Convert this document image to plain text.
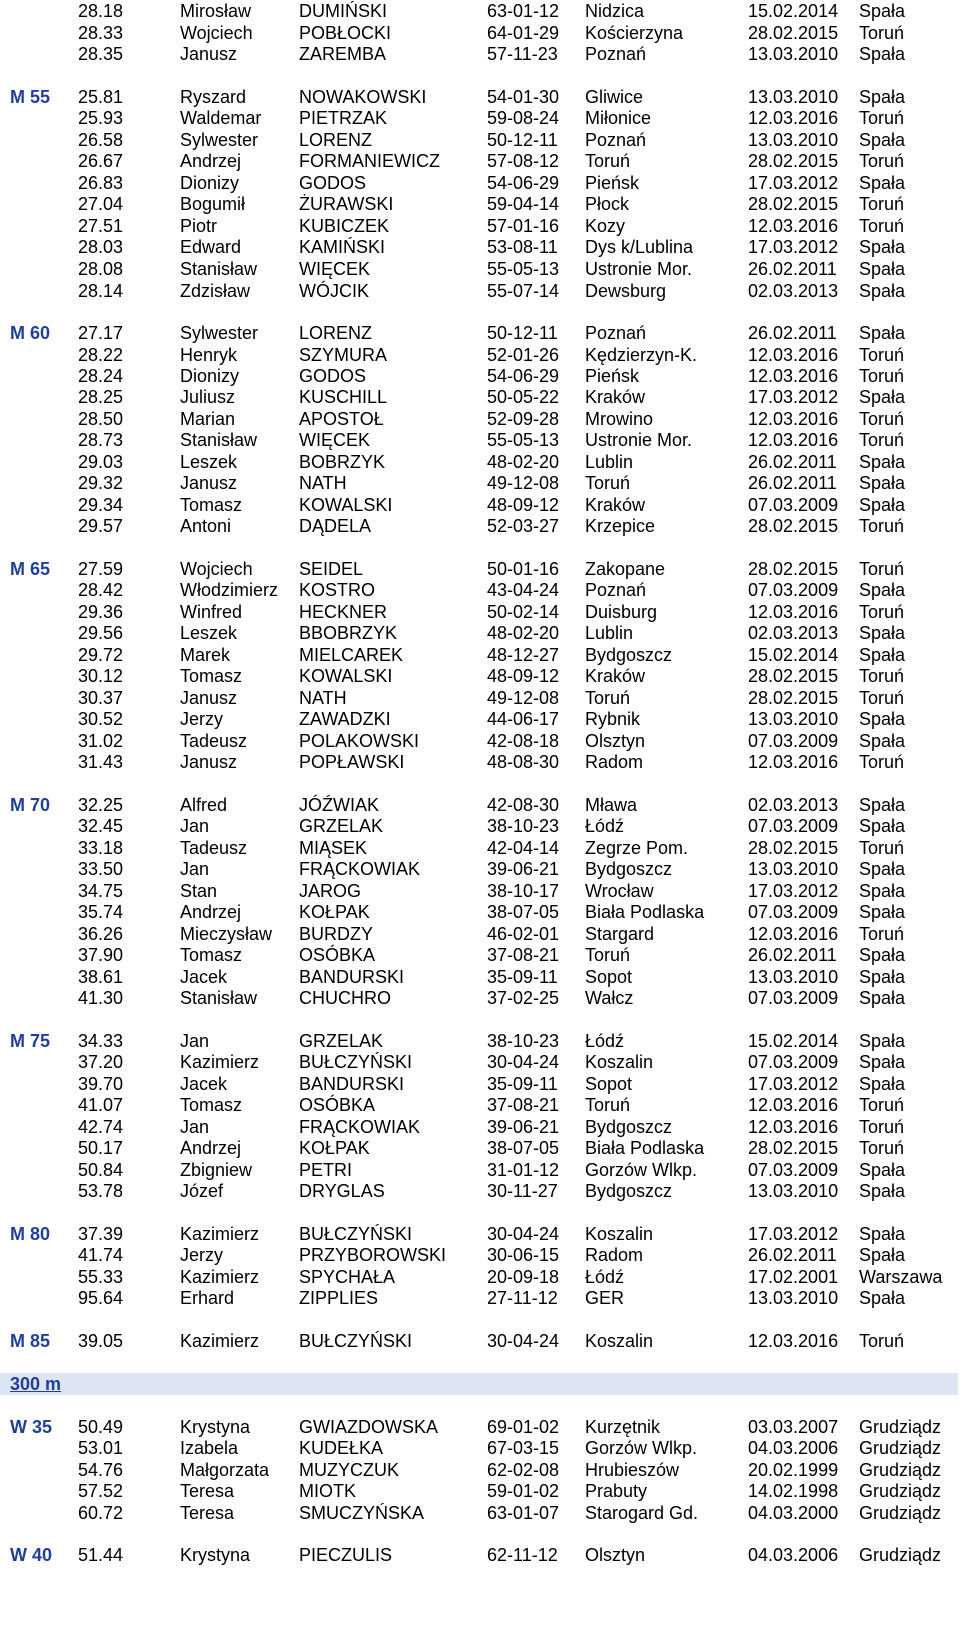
300 m
28.18	Mirosław	DUMIŃSKI	63-01-12 Nidzica	15.02.2014 Spała
28.33	Wojciech	POBŁOCKI	64-01-29 Kościerzyna	28.02.2015 Toruń
28.35	Janusz	ZAREMBA	57-11-23 Poznań	13.03.2010 Spała
M 55 25.81	Ryszard	NOWAKOWSKI	54-01-30 Gliwice	13.03.2010 Spała
25.93	Waldemar PIETRZAK	59-08-24 Miłonice	12.03.2016 Toruń
26.58	Sylwester LORENZ	50-12-11 Poznań	13.03.2010 Spała
26.67	Andrzej	FORMANIEWICZ	57-08-12 Toruń	28.02.2015 Toruń
26.83	Dionizy	GODOS	54-06-29 Pieńsk	17.03.2012 Spała
27.04	Bogumił	ŻURAWSKI	59-04-14 Płock	28.02.2015 Toruń
27.51	Piotr	KUBICZEK	57-01-16 Kozy	12.03.2016 Toruń
28.03	Edward	KAMIŃSKI	53-08-11 Dys k/Lublina	17.03.2012 Spała
28.08	Stanisław WIĘCEK	55-05-13 Ustronie Mor.	26.02.2011 Spała
28.14	Zdzisław	WÓJCIK	55-07-14 Dewsburg	02.03.2013 Spała
M 60 27.17	Sylwester LORENZ	50-12-11 Poznań	26.02.2011 Spała
28.22	Henryk	SZYMURA	52-01-26 Kędzierzyn-K.	12.03.2016 Toruń
28.24	Dionizy	GODOS	54-06-29 Pieńsk	12.03.2016 Toruń
28.25	Juliusz	KUSCHILL	50-05-22 Kraków	17.03.2012 Spała
28.50	Marian	APOSTOŁ	52-09-28 Mrowino	12.03.2016 Toruń
28.73	Stanisław WIĘCEK	55-05-13 Ustronie Mor.	12.03.2016 Toruń
29.03	Leszek	BOBRZYK	48-02-20 Lublin	26.02.2011 Spała
29.32	Janusz	NATH	49-12-08 Toruń	26.02.2011 Spała
29.34	Tomasz	KOWALSKI	48-09-12 Kraków	07.03.2009 Spała
29.57	Antoni	DĄDELA	52-03-27 Krzepice	28.02.2015 Toruń
M 65 27.59	Wojciech	SEIDEL	50-01-16 Zakopane	28.02.2015 Toruń
28.42	Włodzimierz KOSTRO	43-04-24 Poznań	07.03.2009 Spała
29.36	Winfred	HECKNER	50-02-14 Duisburg	12.03.2016 Toruń
29.56	Leszek	BBOBRZYK	48-02-20 Lublin	02.03.2013 Spała
29.72	Marek	MIELCAREK	48-12-27 Bydgoszcz	15.02.2014 Spała
30.12	Tomasz	KOWALSKI	48-09-12 Kraków	28.02.2015 Toruń
30.37	Janusz	NATH	49-12-08 Toruń	28.02.2015 Toruń
30.52	Jerzy	ZAWADZKI	44-06-17 Rybnik	13.03.2010 Spała
31.02	Tadeusz	POLAKOWSKI	42-08-18 Olsztyn	07.03.2009 Spała
31.43	Janusz	POPŁAWSKI	48-08-30 Radom	12.03.2016 Toruń
M 70 32.25	Alfred	JÓŹWIAK	42-08-30 Mława	02.03.2013 Spała
32.45	Jan	GRZELAK	38-10-23 Łódź	07.03.2009 Spała
33.18	Tadeusz	MIĄSEK	42-04-14 Zegrze Pom.	28.02.2015 Toruń
33.50	Jan	FRĄCKOWIAK	39-06-21 Bydgoszcz	13.03.2010 Spała
34.75	Stan	JAROG	38-10-17 Wrocław	17.03.2012 Spała
35.74	Andrzej	KOŁPAK	38-07-05 Biała Podlaska 07.03.2009 Spała
36.26	Mieczysław BURDZY	46-02-01 Stargard	12.03.2016 Toruń
37.90	Tomasz	OSÓBKA	37-08-21 Toruń	26.02.2011 Spała
38.61	Jacek	BANDURSKI	35-09-11 Sopot	13.03.2010 Spała
41.30	Stanisław CHUCHRO	37-02-25 Wałcz	07.03.2009 Spała
M 75 34.33	Jan	GRZELAK	38-10-23 Łódź	15.02.2014 Spała
37.20	Kazimierz BUŁCZYŃSKI	30-04-24 Koszalin	07.03.2009 Spała
39.70	Jacek	BANDURSKI	35-09-11 Sopot	17.03.2012 Spała
41.07	Tomasz	OSÓBKA	37-08-21 Toruń	12.03.2016 Toruń
42.74	Jan	FRĄCKOWIAK	39-06-21 Bydgoszcz	12.03.2016 Toruń
50.17	Andrzej	KOŁPAK	38-07-05 Biała Podlaska 28.02.2015 Toruń
50.84	Zbigniew	PETRI	31-01-12 Gorzów Wlkp.	07.03.2009 Spała
53.78	Józef	DRYGLAS	30-11-27 Bydgoszcz	13.03.2010 Spała
M 80 37.39	Kazimierz BUŁCZYŃSKI	30-04-24 Koszalin	17.03.2012 Spała
41.74	Jerzy	PRZYBOROWSKI 30-06-15 Radom	26.02.2011 Spała
55.33	Kazimierz SPYCHAŁA	20-09-18 Łódź	17.02.2001 Warszawa
95.64	Erhard	ZIPPLIES	27-11-12 GER	13.03.2010 Spała
M 85 39.05	Kazimierz BUŁCZYŃSKI	30-04-24 Koszalin	12.03.2016 Toruń
W 35 50.49	Krystyna	GWIAZDOWSKA	69-01-02 Kurzętnik	03.03.2007 Grudziądz
53.01	Izabela	KUDEŁKA	67-03-15 Gorzów Wlkp.	04.03.2006 Grudziądz
54.76	Małgorzata MUZYCZUK	62-02-08 Hrubieszów	20.02.1999 Grudziądz
57.52	Teresa	MIOTK	59-01-02 Prabuty	14.02.1998 Grudziądz
60.72	Teresa	SMUCZYŃSKA	63-01-07 Starogard Gd.	04.03.2000 Grudziądz
W 40 51.44	Krystyna	PIECZULIS	62-11-12 Olsztyn	04.03.2006 Grudziądz
